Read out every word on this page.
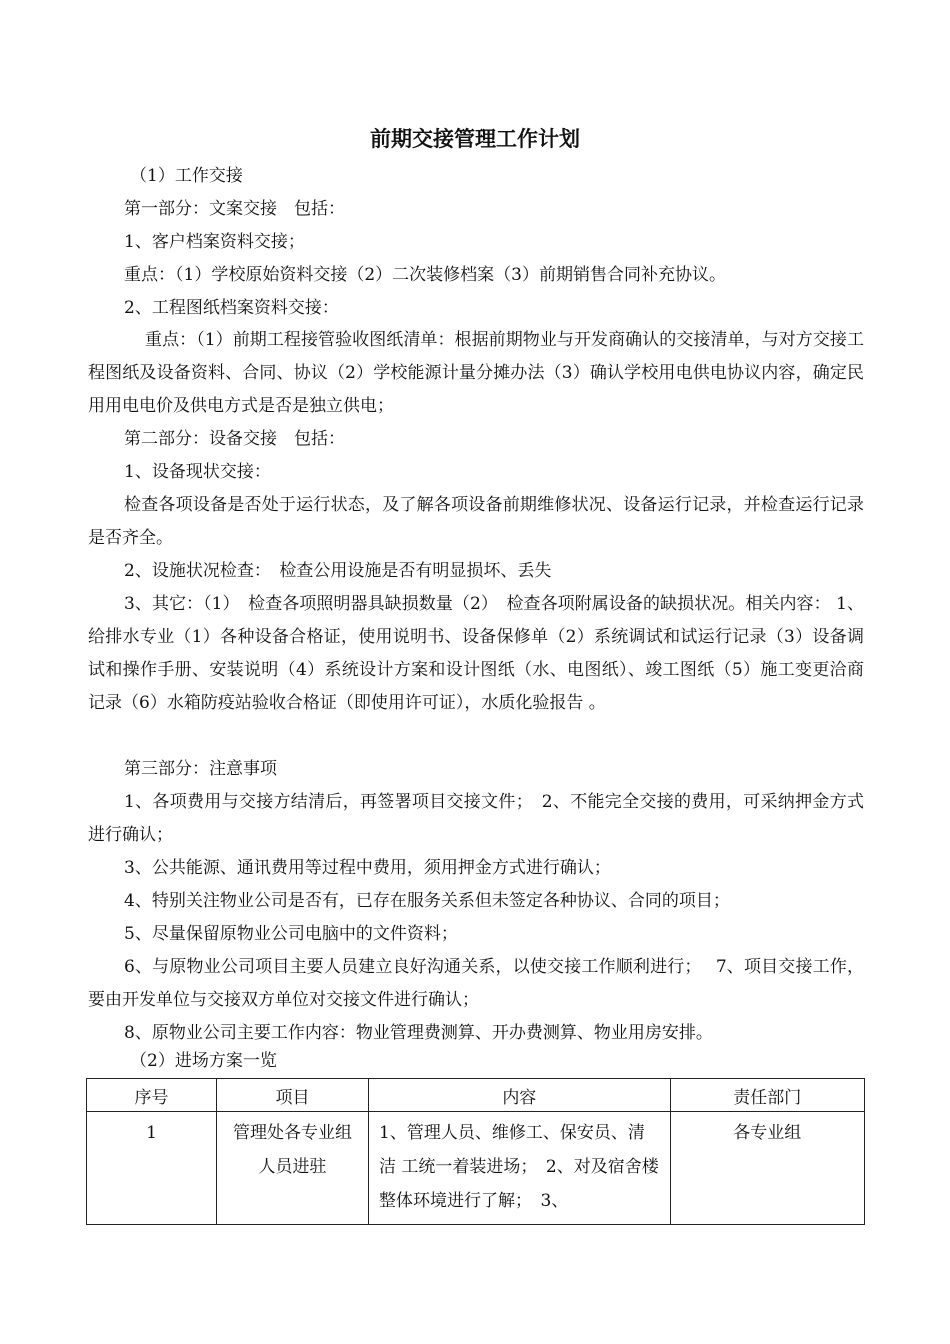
前期交接管理工作计划
（1）工作交接
第一部分：文案交接　包括：
1、客户档案资料交接；
重点：（1）学校原始资料交接（2）二次装修档案（3）前期销售合同补充协议。
2、工程图纸档案资料交接：
重点：（1）前期工程接管验收图纸清单：根据前期物业与开发商确认的交接清单，与对方交接工程图纸及设备资料、合同、协议（2）学校能源计量分摊办法（3）确认学校用电供电协议内容，确定民用用电电价及供电方式是否是独立供电；
第二部分：设备交接　包括：
1、设备现状交接：
检查各项设备是否处于运行状态，及了解各项设备前期维修状况、设备运行记录，并检查运行记录是否齐全。
2、设施状况检查：　检查公用设施是否有明显损坏、丢失
3、其它：（1）　检查各项照明器具缺损数量（2）　检查各项附属设备的缺损状况。相关内容： 1、给排水专业（1）各种设备合格证，使用说明书、设备保修单（2）系统调试和试运行记录（3）设备调试和操作手册、安装说明（4）系统设计方案和设计图纸（水、电图纸）、竣工图纸（5）施工变更洽商记录（6）水箱防疫站验收合格证（即使用许可证），水质化验报告 。
第三部分：注意事项
1、各项费用与交接方结清后，再签署项目交接文件；　2、不能完全交接的费用，可采纳押金方式进行确认；
3、公共能源、通讯费用等过程中费用，须用押金方式进行确认；
4、特别关注物业公司是否有，已存在服务关系但未签定各种协议、合同的项目；
5、尽量保留原物业公司电脑中的文件资料；
6、与原物业公司项目主要人员建立良好沟通关系，以使交接工作顺利进行；　 7、项目交接工作，要由开发单位与交接双方单位对交接文件进行确认；
8、原物业公司主要工作内容：物业管理费测算、开办费测算、物业用房安排。
（2）进场方案一览
序号	项目	内容	责任部门
1	管理处各专业组人员进驻	1、管理人员、维修工、保安员、清洁 工统一着装进场；　2、对及宿舍楼整体环境进行了解；　3、	各专业组
